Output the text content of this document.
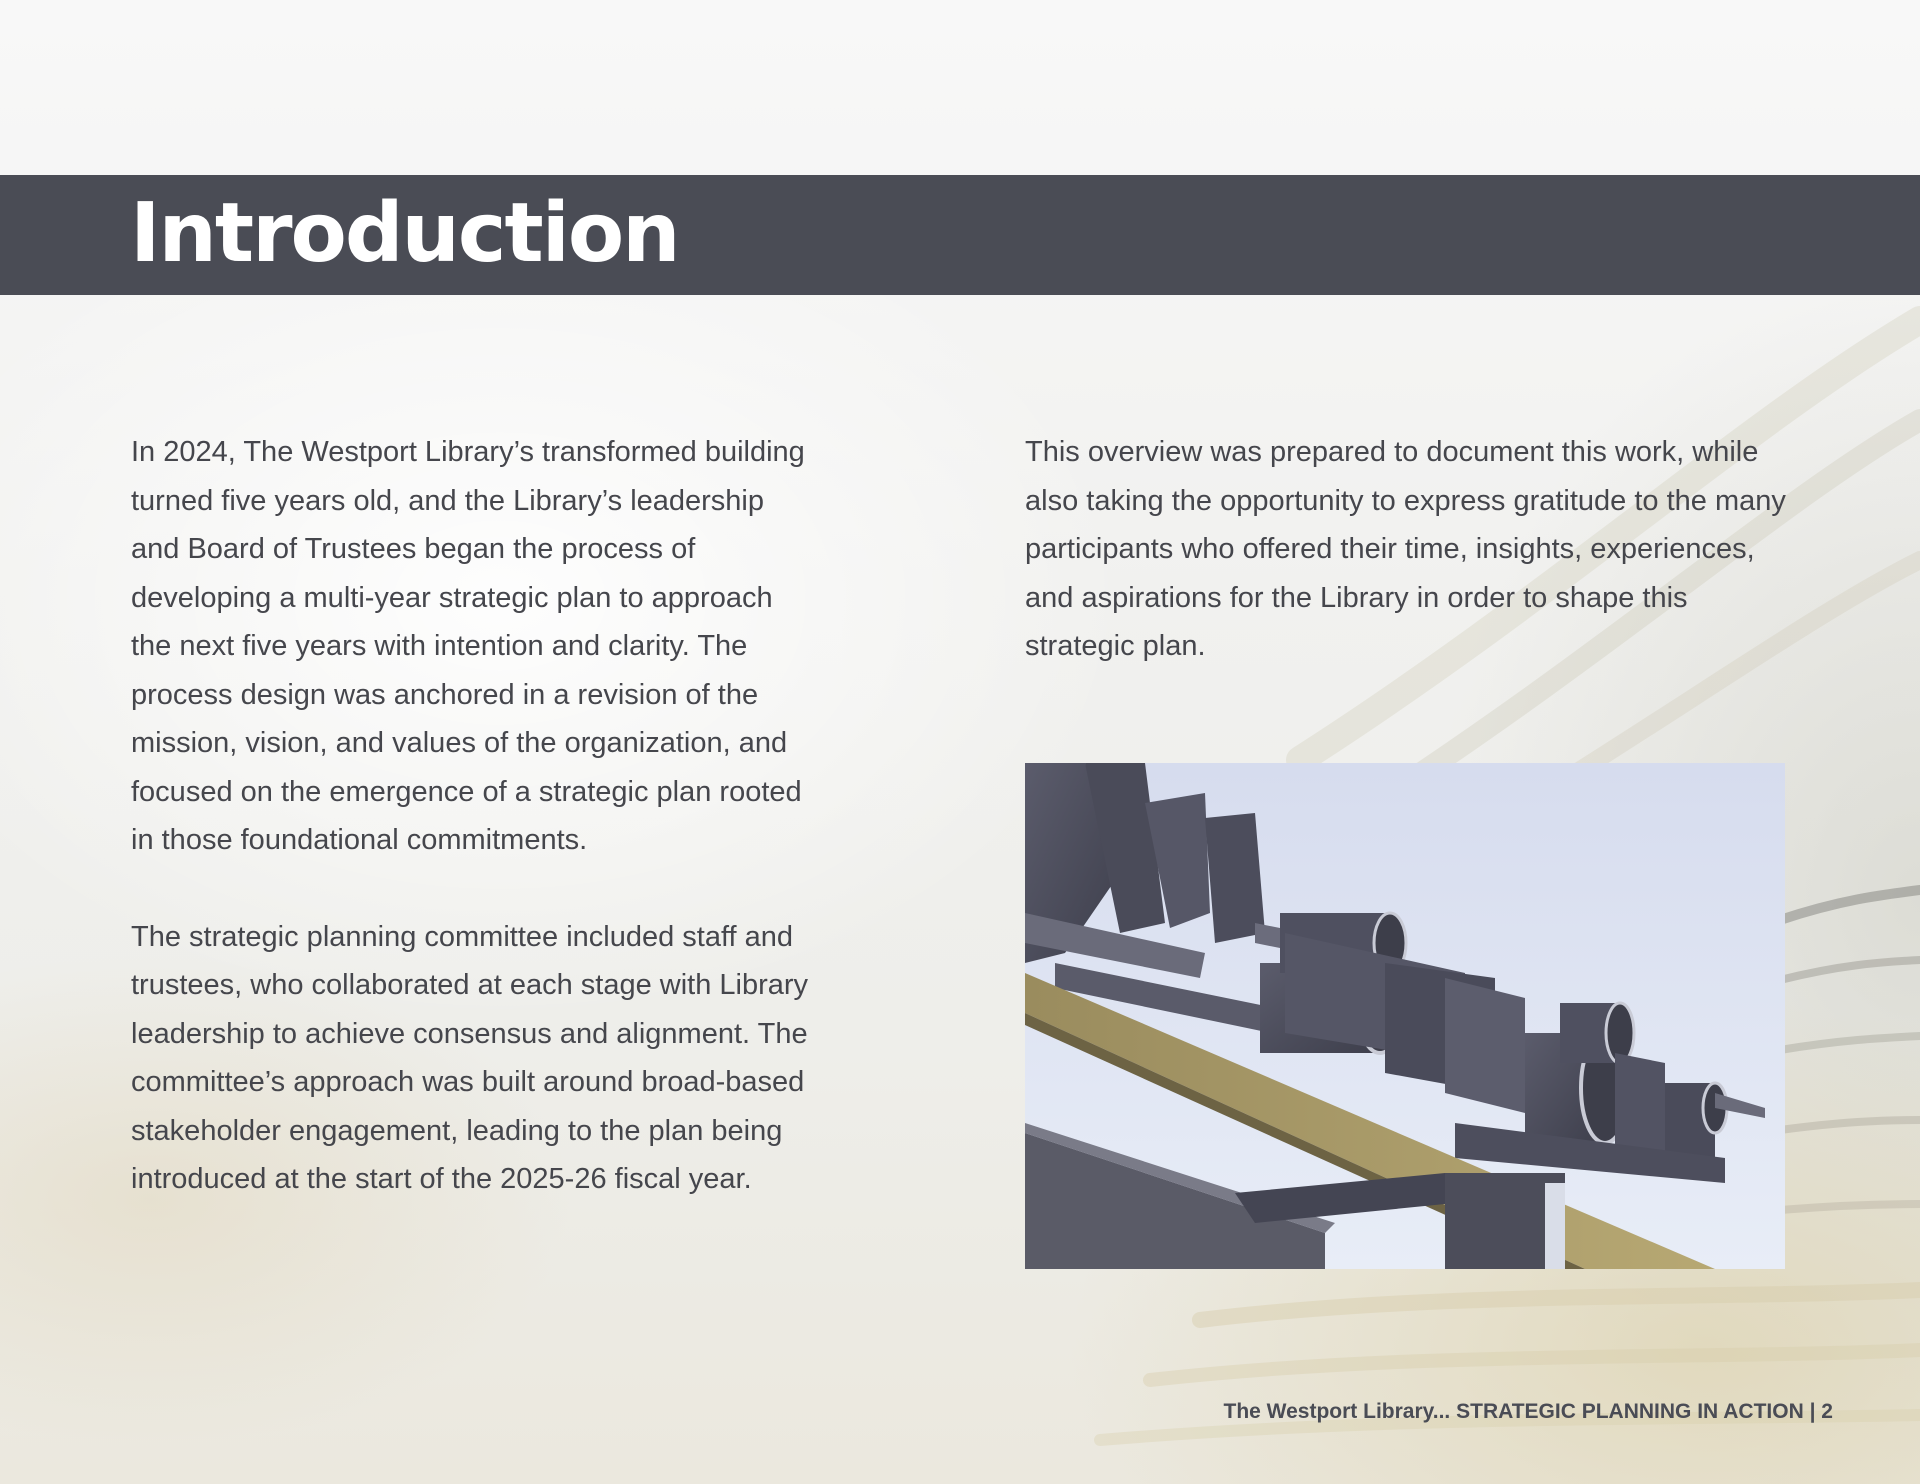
Introduction

In 2024, The Westport Library’s transformed building turned five years old, and the Library’s leadership and Board of Trustees began the process of developing a multi-year strategic plan to approach the next five years with intention and clarity. The process design was anchored in a revision of the mission, vision, and values of the organization, and focused on the emergence of a strategic plan rooted in those foundational commitments.

The strategic planning committee included staff and trustees, who collaborated at each stage with Library leadership to achieve consensus and alignment. The committee’s approach was built around broad-based stakeholder engagement, leading to the plan being introduced at the start of the 2025-26 fiscal year.

This overview was prepared to document this work, while also taking the opportunity to express gratitude to the many participants who offered their time, insights, experiences, and aspirations for the Library in order to shape this strategic plan.

The Westport Library... STRATEGIC PLANNING IN ACTION | 2
